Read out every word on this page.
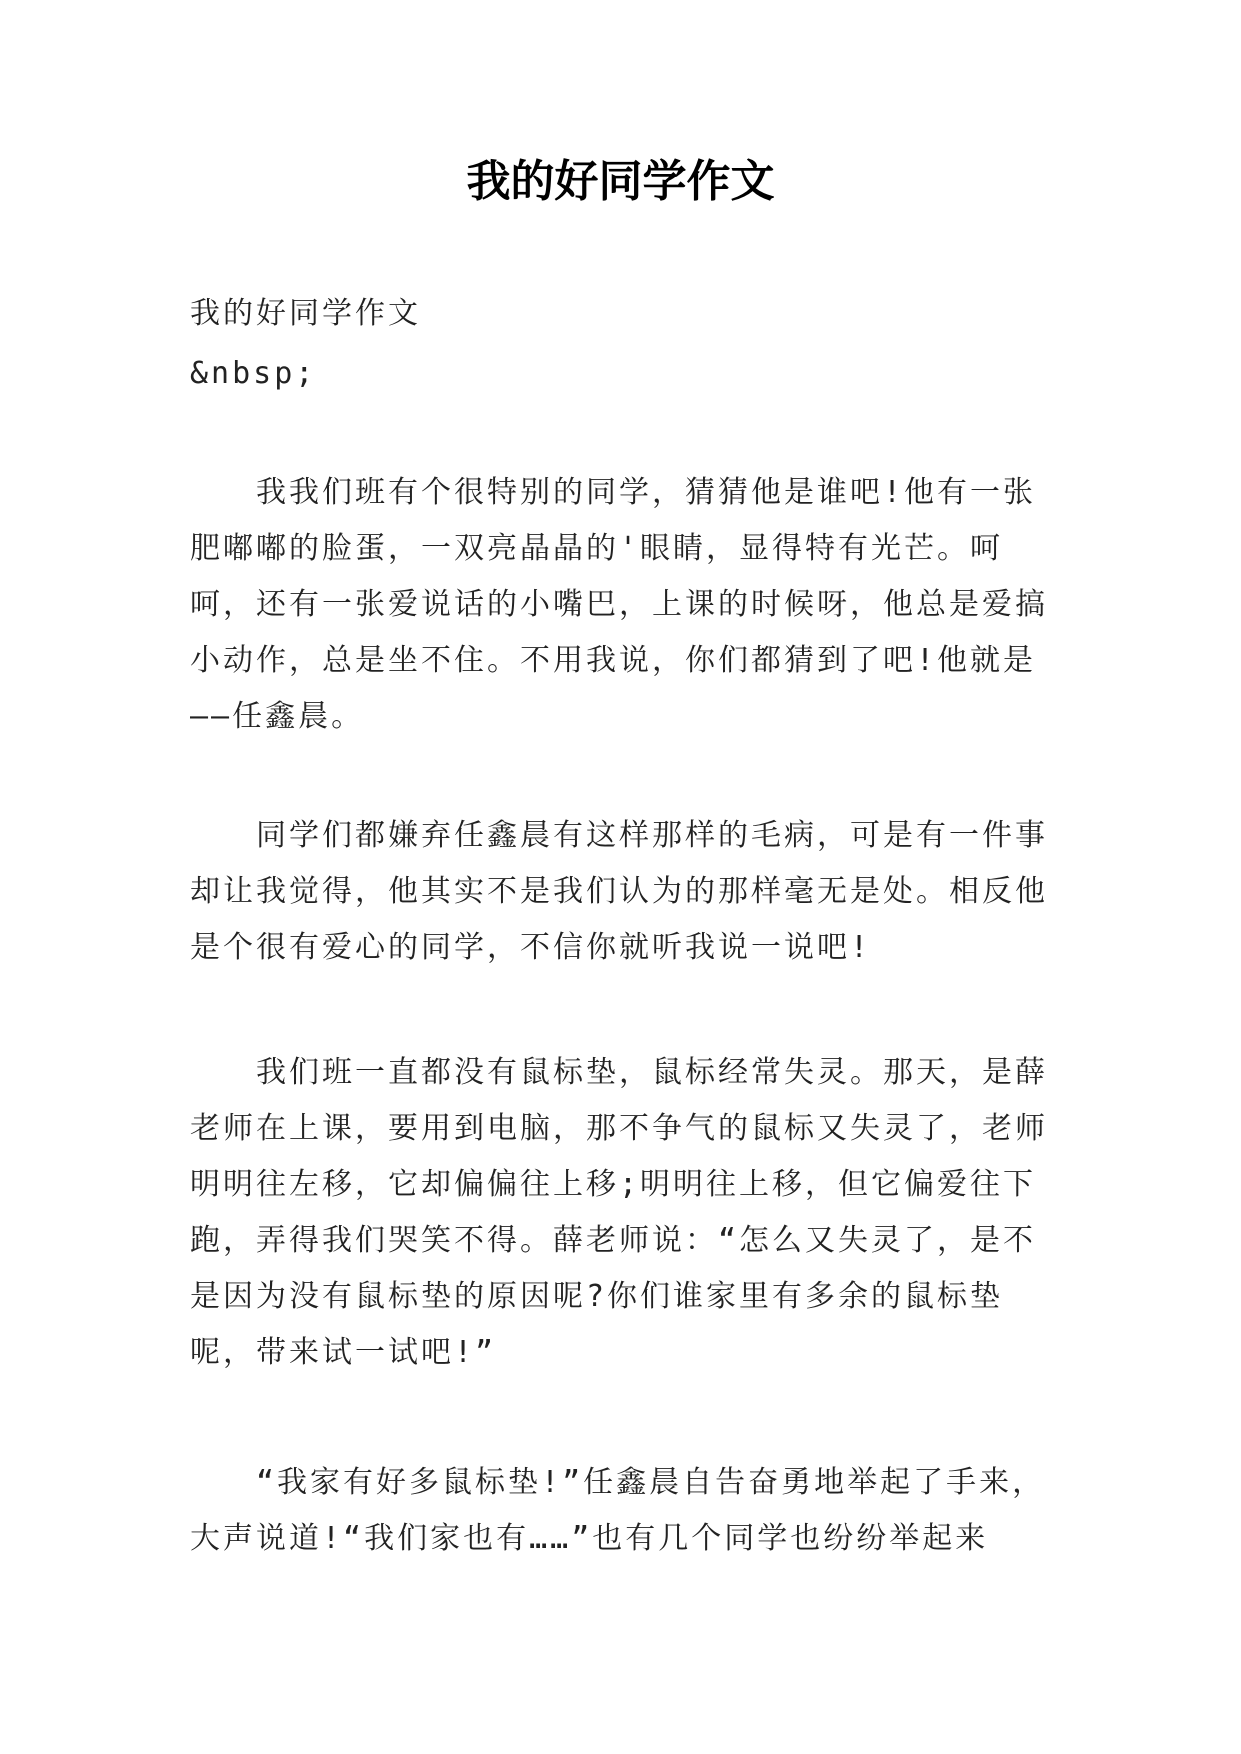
我的好同学作文
我的好同学作文
&nbsp;
我我们班有个很特别的同学，猜猜他是谁吧!他有一张肥嘟嘟的脸蛋，一双亮晶晶的'眼睛，显得特有光芒。呵呵，还有一张爱说话的小嘴巴，上课的时候呀，他总是爱搞小动作，总是坐不住。不用我说，你们都猜到了吧!他就是——任鑫晨。
同学们都嫌弃任鑫晨有这样那样的毛病，可是有一件事却让我觉得，他其实不是我们认为的那样毫无是处。相反他是个很有爱心的同学，不信你就听我说一说吧!
我们班一直都没有鼠标垫，鼠标经常失灵。那天，是薛老师在上课，要用到电脑，那不争气的鼠标又失灵了，老师明明往左移，它却偏偏往上移;明明往上移，但它偏爱往下跑，弄得我们哭笑不得。薛老师说：“怎么又失灵了，是不是因为没有鼠标垫的原因呢?你们谁家里有多余的鼠标垫呢，带来试一试吧!”
“我家有好多鼠标垫!”任鑫晨自告奋勇地举起了手来，大声说道!“我们家也有……”也有几个同学也纷纷举起来
